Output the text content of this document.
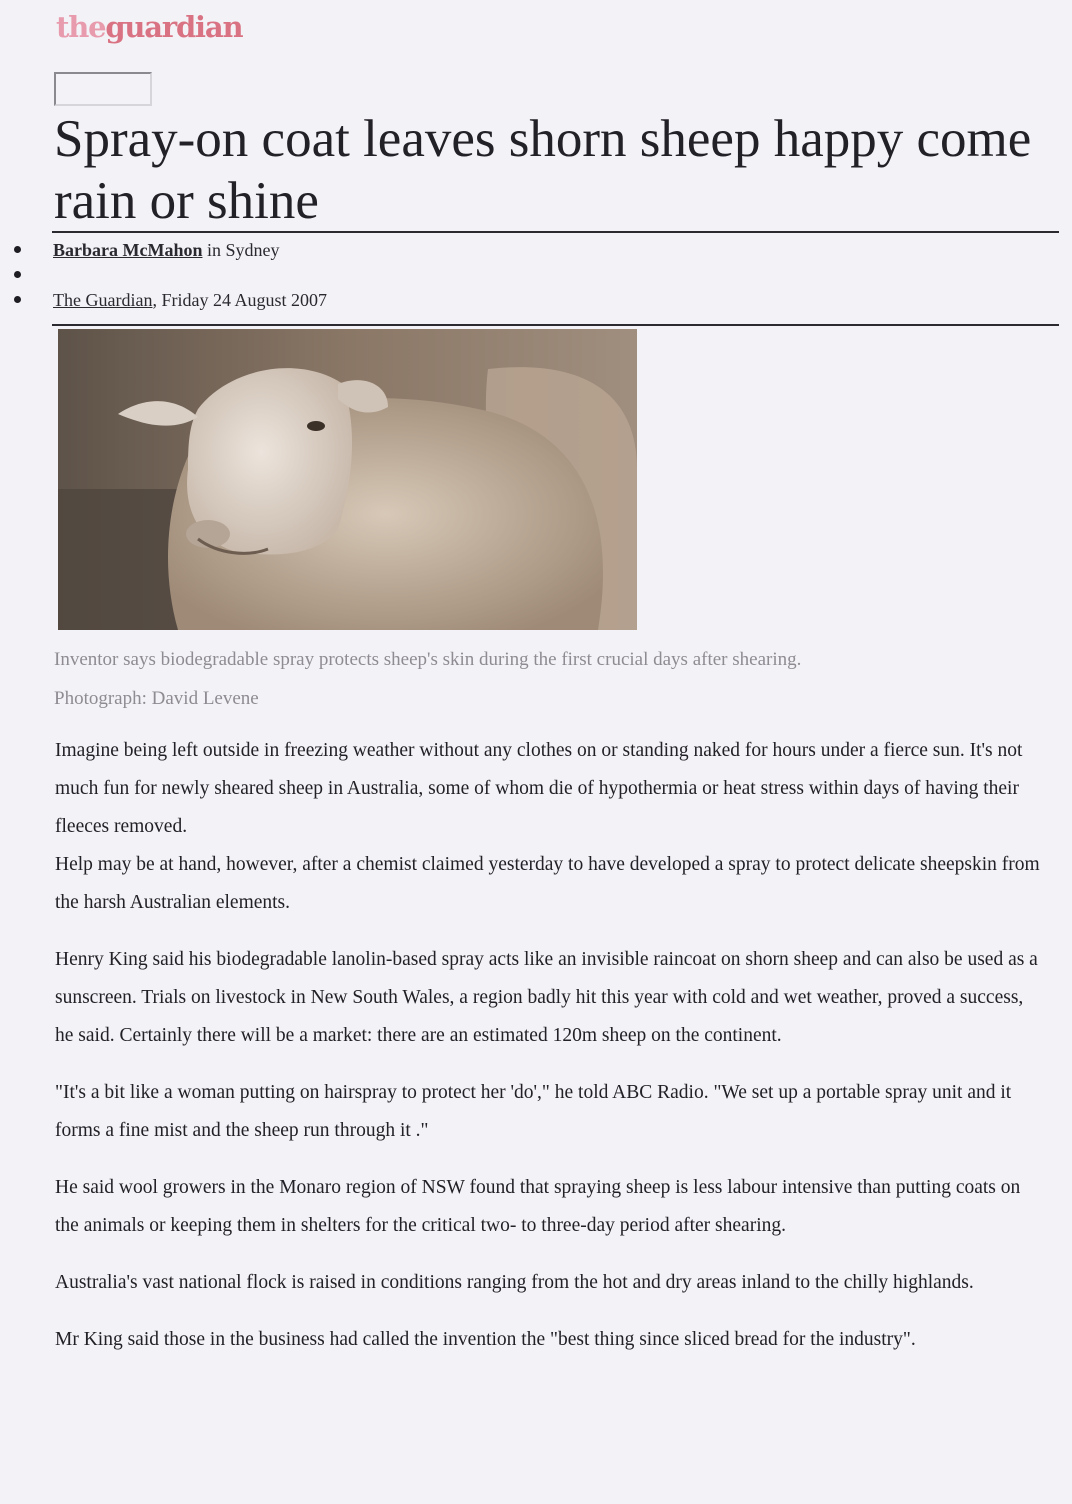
theguardian
Spray-on coat leaves shorn sheep happy come rain or shine
Barbara McMahon in Sydney
The Guardian, Friday 24 August 2007
Inventor says biodegradable spray protects sheep's skin during the first crucial days after shearing.
Photograph: David Levene

Imagine being left outside in freezing weather without any clothes on or standing naked for hours under a fierce sun. It's not much fun for newly sheared sheep in Australia, some of whom die of hypothermia or heat stress within days of having their fleeces removed.

Help may be at hand, however, after a chemist claimed yesterday to have developed a spray to protect delicate sheepskin from the harsh Australian elements.

Henry King said his biodegradable lanolin-based spray acts like an invisible raincoat on shorn sheep and can also be used as a sunscreen. Trials on livestock in New South Wales, a region badly hit this year with cold and wet weather, proved a success, he said. Certainly there will be a market: there are an estimated 120m sheep on the continent.

"It's a bit like a woman putting on hairspray to protect her 'do'," he told ABC Radio. "We set up a portable spray unit and it forms a fine mist and the sheep run through it ."

He said wool growers in the Monaro region of NSW found that spraying sheep is less labour intensive than putting coats on the animals or keeping them in shelters for the critical two- to three-day period after shearing.

Australia's vast national flock is raised in conditions ranging from the hot and dry areas inland to the chilly highlands.

Mr King said those in the business had called the invention the "best thing since sliced bread for the industry".
